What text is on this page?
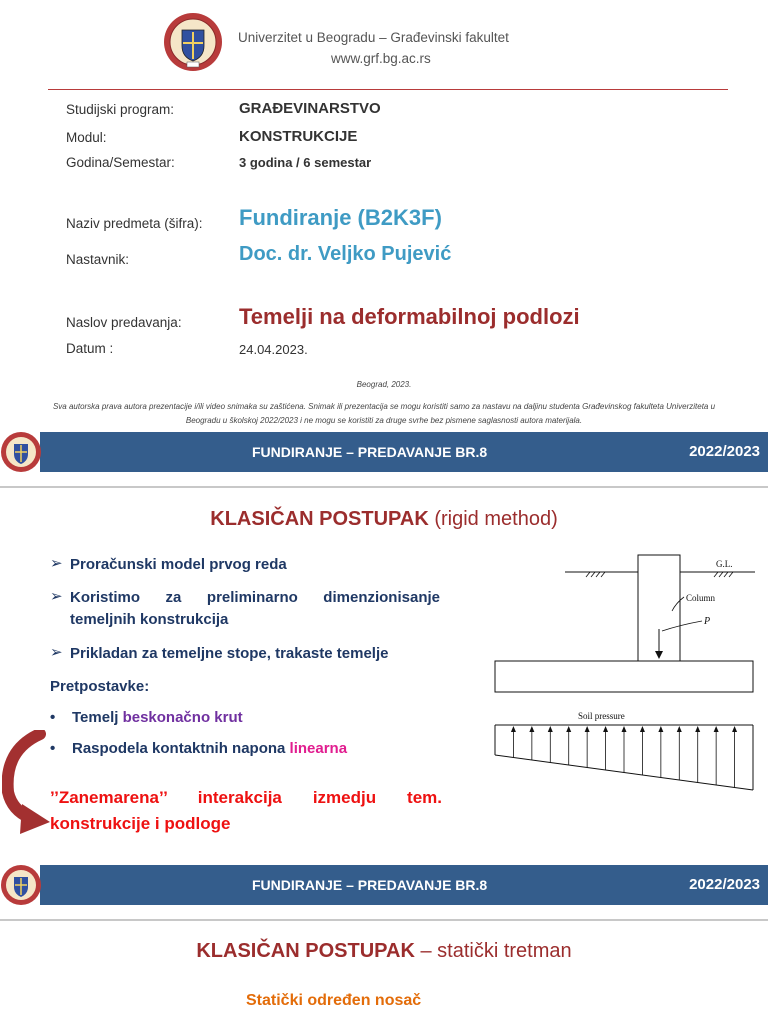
Univerzitet u Beogradu – Građevinski fakultet
www.grf.bg.ac.rs
Studijski program:	GRAĐEVINARSTVO
Modul:	KONSTRUKCIJE
Godina/Semestar:	3 godina / 6 semestar
Naziv predmeta (šifra): Fundiranje (B2K3F)
Nastavnik:	Doc. dr. Veljko Pujević
Naslov predavanja:	Temelji na deformabilnoj podlozi
Datum :	24.04.2023.
Beograd, 2023.
Sva autorska prava autora prezentacije i/ili video snimaka su zaštićena. Snimak ili prezentacija se mogu koristiti samo za nastavu na daljinu studenta Građevinskog fakulteta Univerziteta u Beogradu u školskoj 2022/2023 i ne mogu se koristiti za druge svrhe bez pismene saglasnosti autora materijala.
FUNDIRANJE – PREDAVANJE BR.8	2022/2023
KLASIČAN POSTUPAK (rigid method)
➢ Proračunski model prvog reda
➢ Koristimo za preliminarno dimenzionisanje temeljnih konstrukcija
➢ Prikladan za temeljne stope, trakaste temelje
Pretpostavke:
• Temelj beskonačno krut
• Raspodela kontaktnih napona linearna
’’Zanemarena’’ interakcija izmedju tem. konstrukcije i podloge
G.L.
Column
P
Soil pressure
FUNDIRANJE – PREDAVANJE BR.8	2022/2023
KLASIČAN POSTUPAK – statički tretman
Statički određen nosač
